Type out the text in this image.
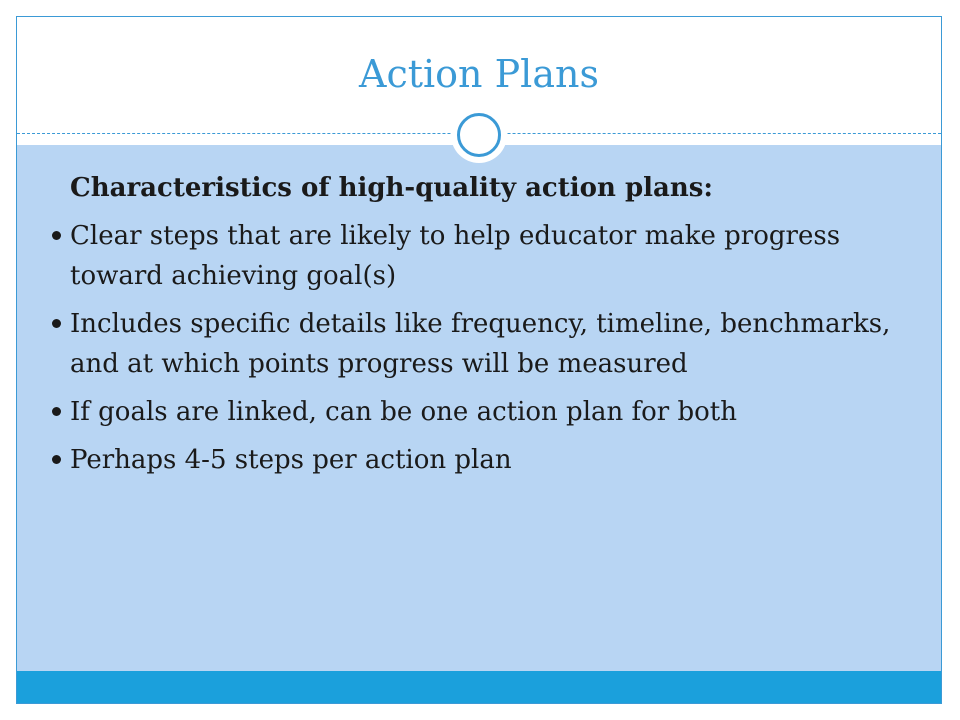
Action Plans

Characteristics of high-quality action plans:

Clear steps that are likely to help educator make progress toward achieving goal(s)
Includes specific details like frequency, timeline, benchmarks, and at which points progress will be measured
If goals are linked, can be one action plan for both
Perhaps 4-5 steps per action plan
